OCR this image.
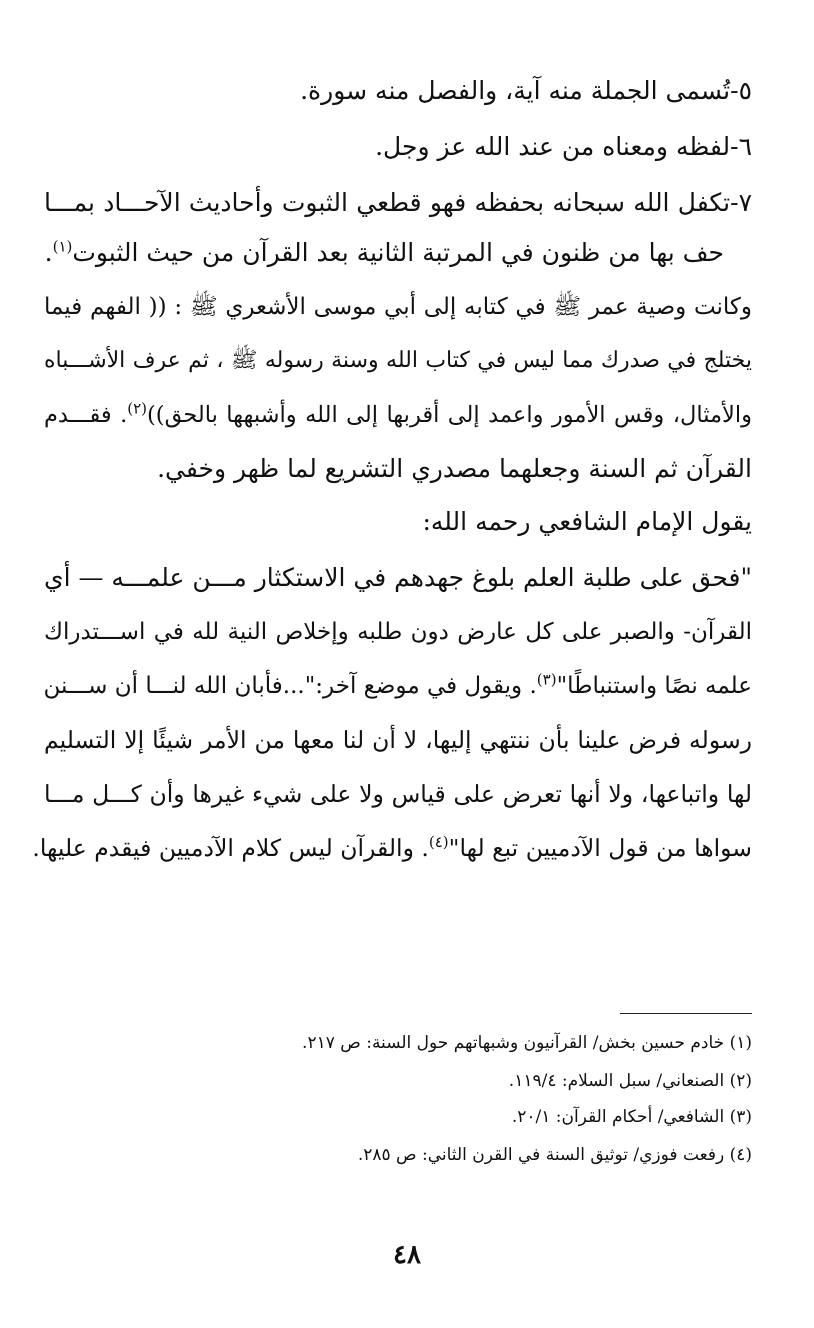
٥-تُسمى الجملة منه آية، والفصل منه سورة.
٦-لفظه ومعناه من عند الله عز وجل.
٧-تكفل الله سبحانه بحفظه فهو قطعي الثبوت وأحاديث الآحـــاد بمـــا
حف بها من ظنون في المرتبة الثانية بعد القرآن من حيث الثبوت$^{(١)}$.
وكانت وصية عمر ﷺ في كتابه إلى أبي موسى الأشعري ﷺ : (( الفهم فيما
يختلج في صدرك مما ليس في كتاب الله وسنة رسوله ﷺ ، ثم عرف الأشـــباه
والأمثال، وقس الأمور واعمد إلى أقربها إلى الله وأشبهها بالحق))$^{(٢)}$. فقـــدم
القرآن ثم السنة وجعلهما مصدري التشريع لما ظهر وخفي.
يقول الإمام الشافعي رحمه الله:
"فحق على طلبة العلم بلوغ جهدهم في الاستكثار مـــن علمـــه — أي
القرآن- والصبر على كل عارض دون طلبه وإخلاص النية لله في اســـتدراك
علمه نصًا واستنباطًا"$^{(٣)}$. ويقول في موضع آخر:"...فأبان الله لنـــا أن ســـنن
رسوله فرض علينا بأن ننتهي إليها، لا أن لنا معها من الأمر شيئًا إلا التسليم
لها واتباعها، ولا أنها تعرض على قياس ولا على شيء غيرها وأن كـــل مـــا
سواها من قول الآدميين تبع لها"$^{(٤)}$. والقرآن ليس كلام الآدميين فيقدم عليها.
(١) خادم حسين بخش/ القرآنيون وشبهاتهم حول السنة: ص ٢١٧.
(٢) الصنعاني/ سبل السلام: ١١٩/٤.
(٣) الشافعي/ أحكام القرآن: ٢٠/١.
(٤) رفعت فوزي/ توثيق السنة في القرن الثاني: ص ٢٨٥.
٤٨
